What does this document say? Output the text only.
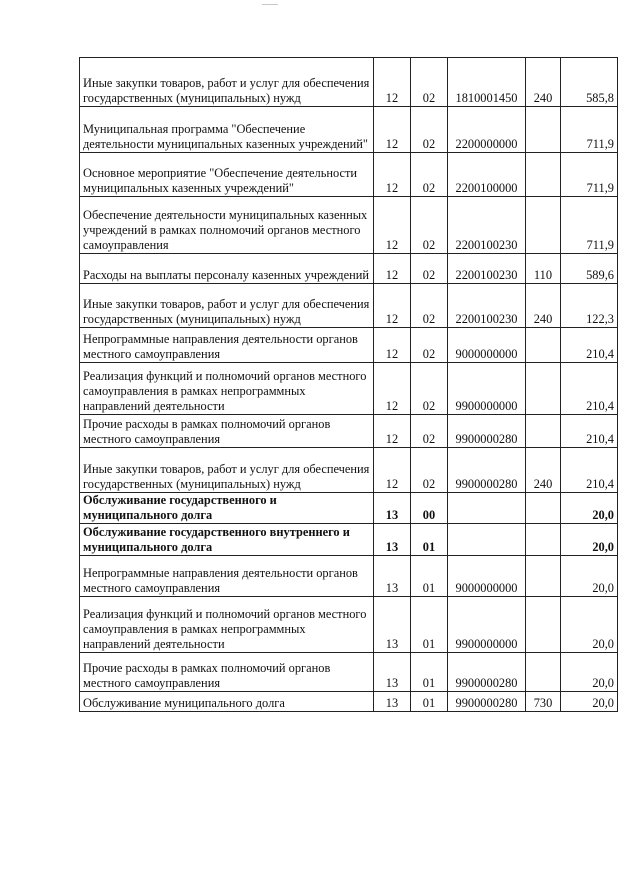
Иные закупки товаров, работ и услуг для обеспечения государственных (муниципальных) нужд	12	02	1810001450	240	585,8
Муниципальная программа "Обеспечение деятельности муниципальных казенных учреждений"	12	02	2200000000		711,9
Основное мероприятие "Обеспечение деятельности муниципальных казенных учреждений"	12	02	2200100000		711,9
Обеспечение деятельности муниципальных казенных учреждений в рамках полномочий органов местного самоуправления	12	02	2200100230		711,9
Расходы на выплаты персоналу казенных учреждений	12	02	2200100230	110	589,6
Иные закупки товаров, работ и услуг для обеспечения государственных (муниципальных) нужд	12	02	2200100230	240	122,3
Непрограммные направления деятельности органов местного самоуправления	12	02	9000000000		210,4
Реализация функций и полномочий органов местного самоуправления в рамках непрограммных направлений деятельности	12	02	9900000000		210,4
Прочие расходы в рамках полномочий органов местного самоуправления	12	02	9900000280		210,4
Иные закупки товаров, работ и услуг для обеспечения государственных (муниципальных) нужд	12	02	9900000280	240	210,4
Обслуживание государственного и муниципального долга	13	00			20,0
Обслуживание государственного внутреннего и муниципального долга	13	01			20,0
Непрограммные направления деятельности органов местного самоуправления	13	01	9000000000		20,0
Реализация функций и полномочий органов местного самоуправления в рамках непрограммных направлений деятельности	13	01	9900000000		20,0
Прочие расходы в рамках полномочий органов местного самоуправления	13	01	9900000280		20,0
Обслуживание муниципального долга	13	01	9900000280	730	20,0
